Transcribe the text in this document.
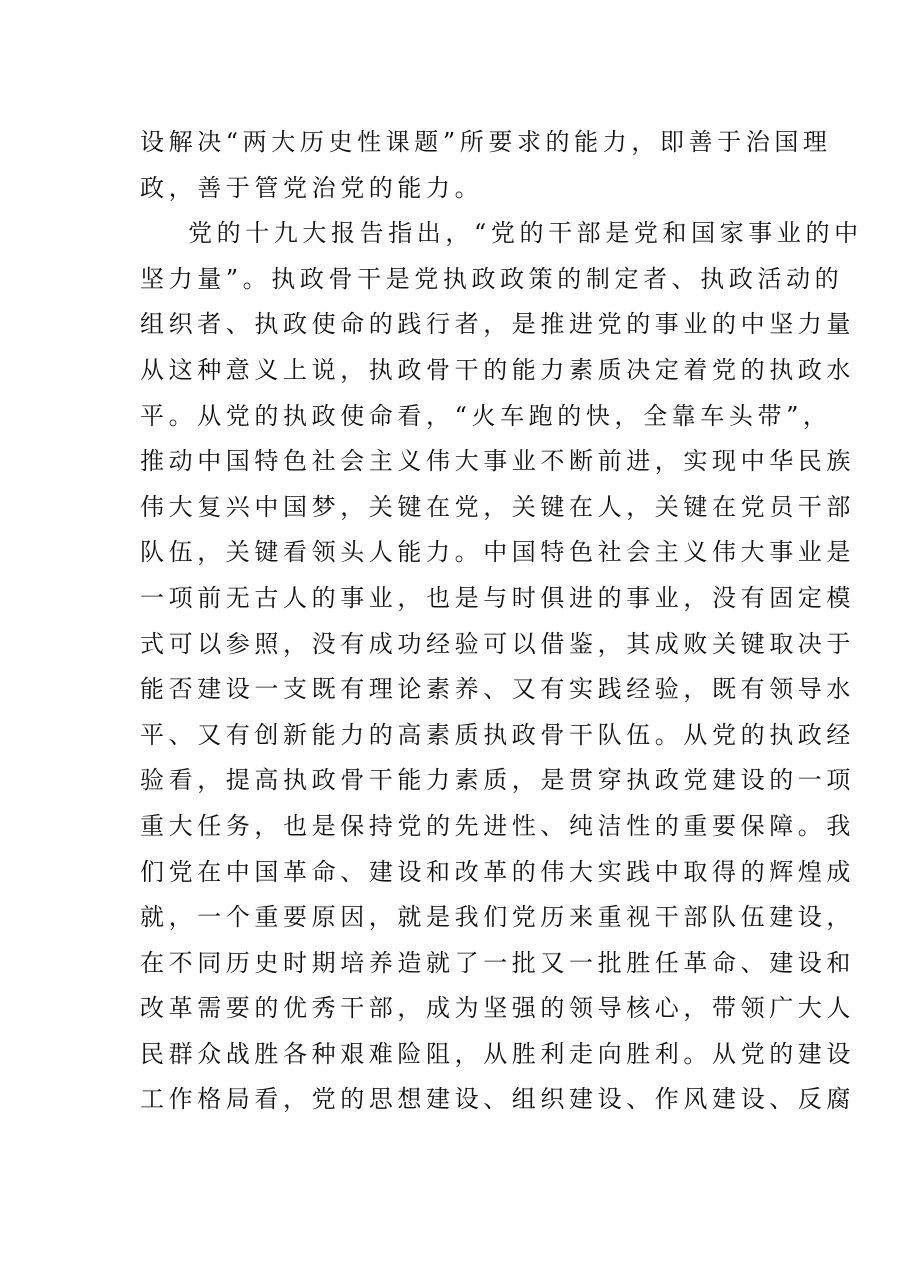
设解决“两大历史性课题”所要求的能力，即善于治国理
政，善于管党治党的能力。
党的十九大报告指出，“党的干部是党和国家事业的中
坚力量”。执政骨干是党执政政策的制定者、执政活动的
组织者、执政使命的践行者，是推进党的事业的中坚力量
从这种意义上说，执政骨干的能力素质决定着党的执政水
平。从党的执政使命看，“火车跑的快，全靠车头带”，
推动中国特色社会主义伟大事业不断前进，实现中华民族
伟大复兴中国梦，关键在党，关键在人，关键在党员干部
队伍，关键看领头人能力。中国特色社会主义伟大事业是
一项前无古人的事业，也是与时俱进的事业，没有固定模
式可以参照，没有成功经验可以借鉴，其成败关键取决于
能否建设一支既有理论素养、又有实践经验，既有领导水
平、又有创新能力的高素质执政骨干队伍。从党的执政经
验看，提高执政骨干能力素质，是贯穿执政党建设的一项
重大任务，也是保持党的先进性、纯洁性的重要保障。我
们党在中国革命、建设和改革的伟大实践中取得的辉煌成
就，一个重要原因，就是我们党历来重视干部队伍建设，
在不同历史时期培养造就了一批又一批胜任革命、建设和
改革需要的优秀干部，成为坚强的领导核心，带领广大人
民群众战胜各种艰难险阻，从胜利走向胜利。从党的建设
工作格局看，党的思想建设、组织建设、作风建设、反腐
